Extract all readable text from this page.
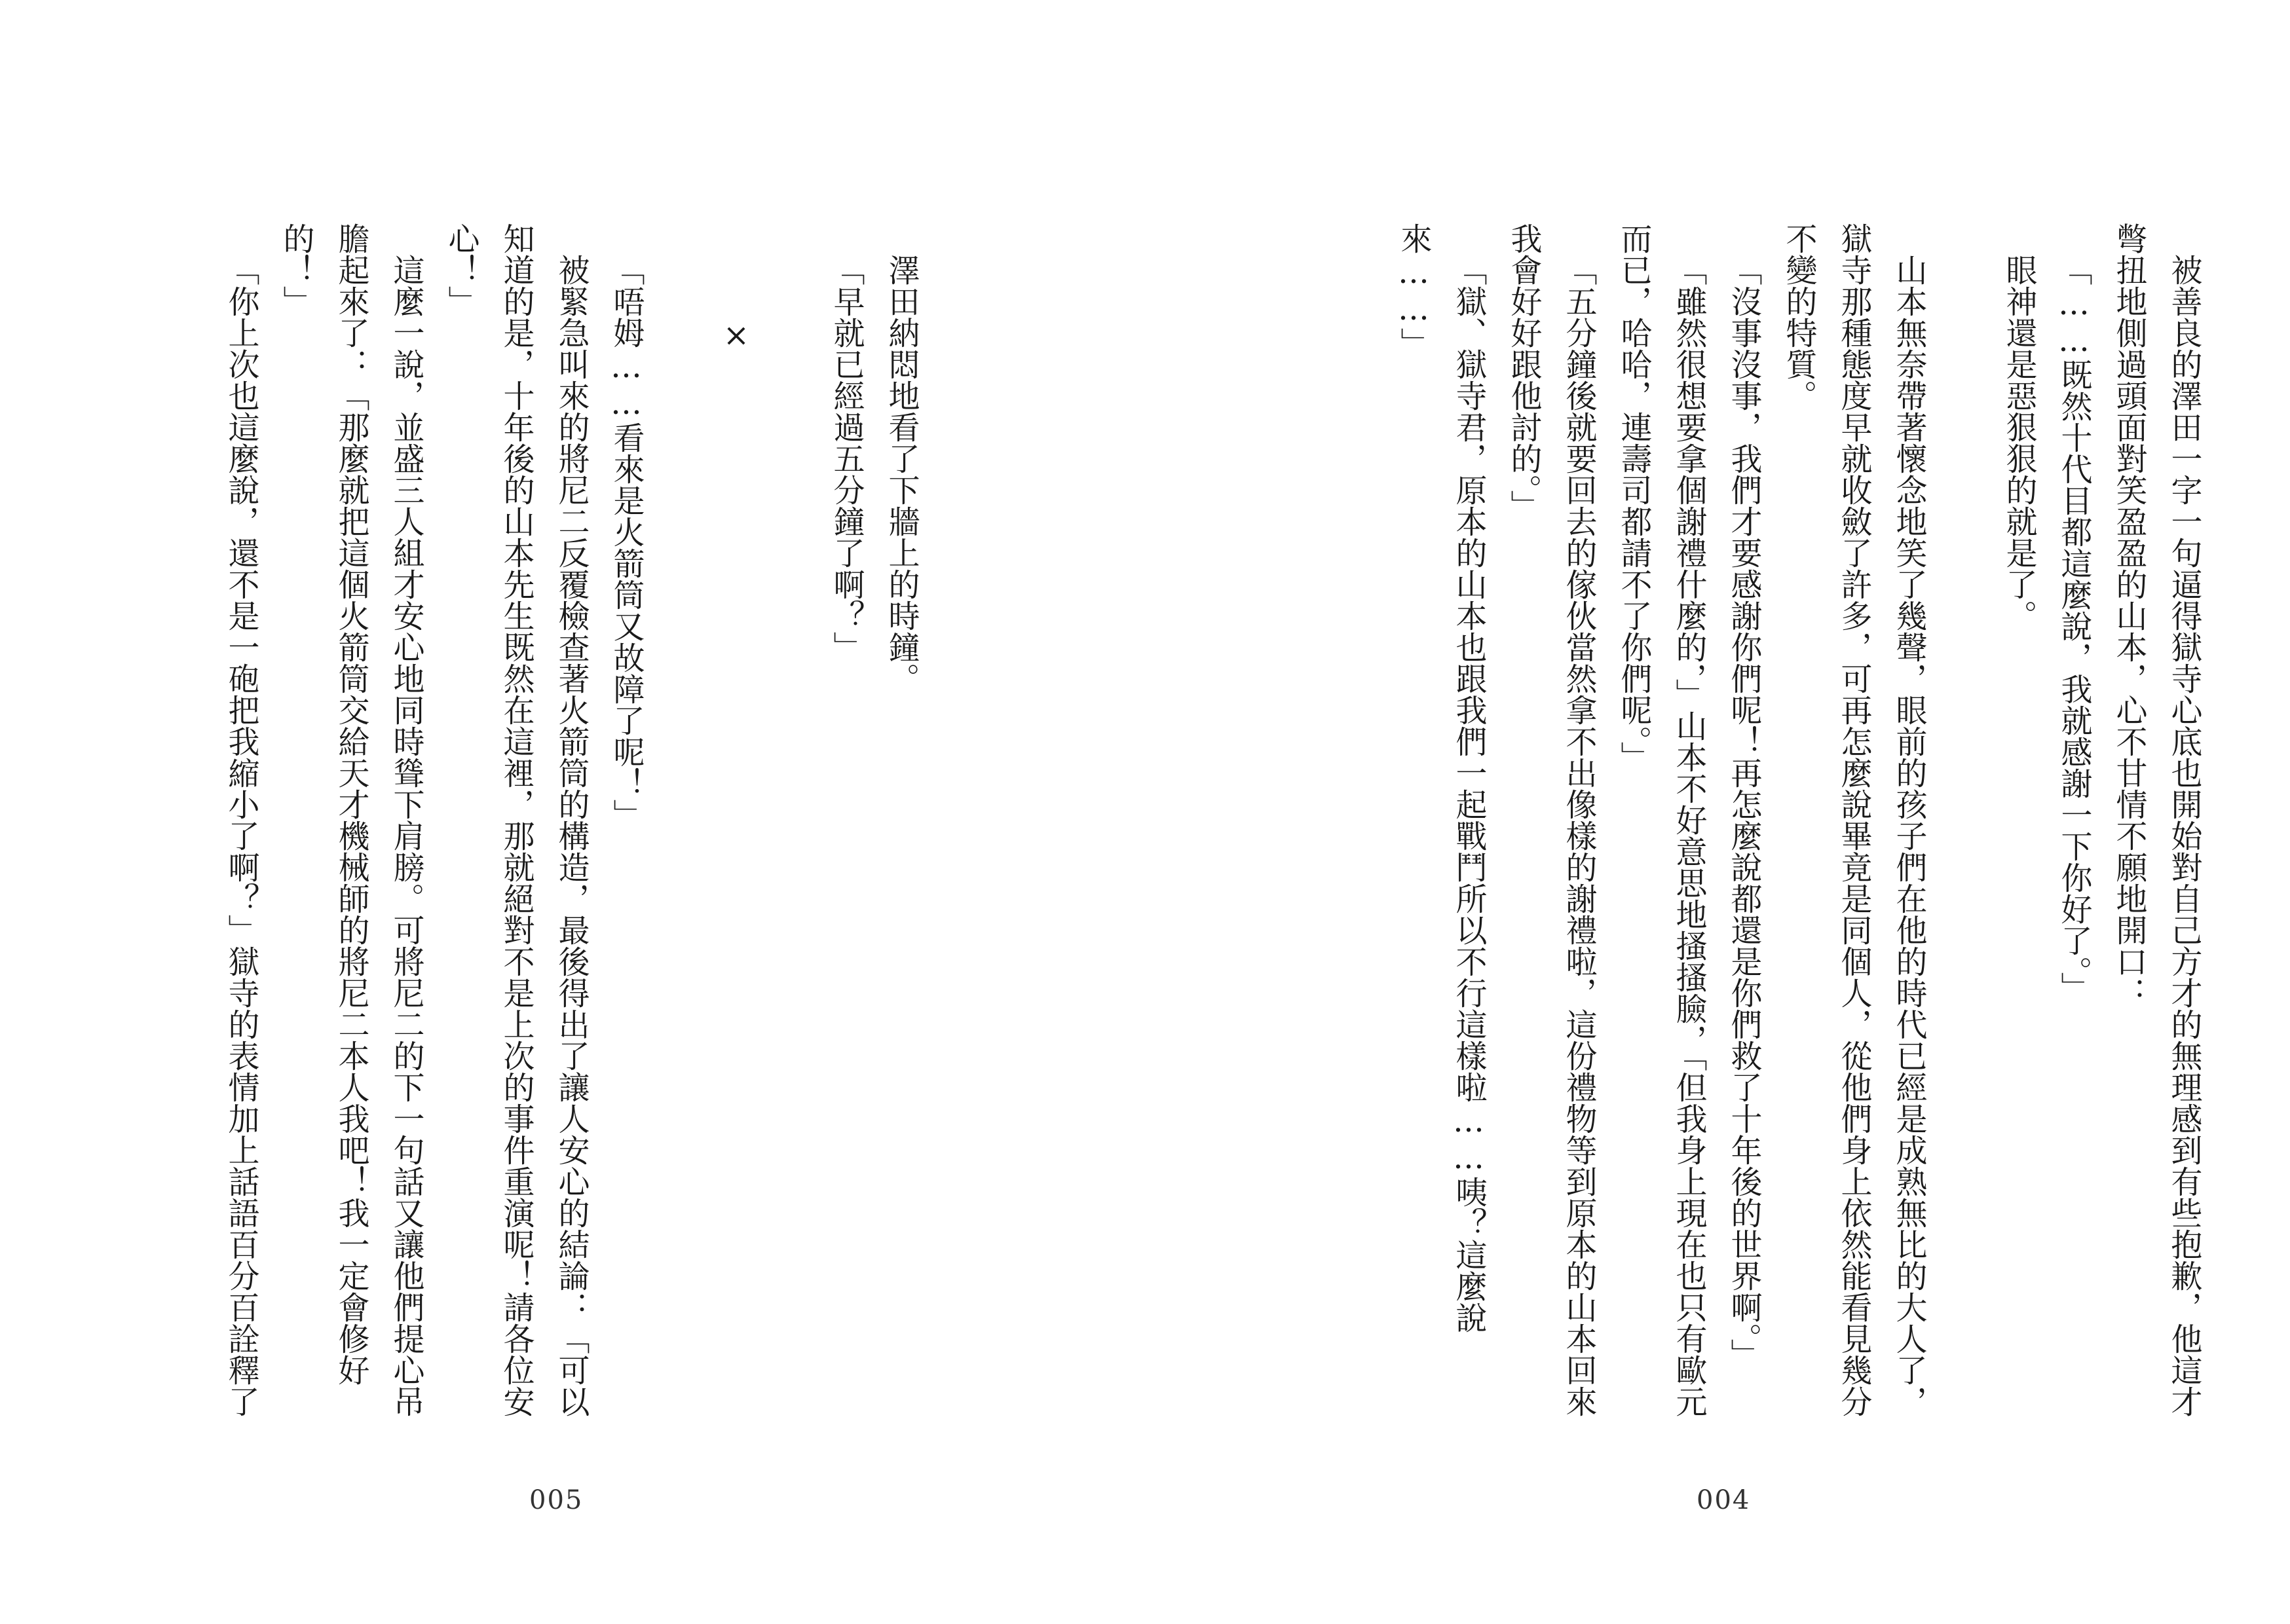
被善良的澤田一字一句逼得獄寺心底也開始對自己方才的無理感到有些抱歉，他這才彆扭地側過頭面對笑盈盈的山本，心不甘情不願地開口：

「……既然十代目都這麼說，我就感謝一下你好了。」

眼神還是惡狠狠的就是了。

山本無奈帶著懷念地笑了幾聲，眼前的孩子們在他的時代已經是成熟無比的大人了，獄寺那種態度早就收斂了許多，可再怎麼說畢竟是同個人，從他們身上依然能看見幾分不變的特質。

「沒事沒事，我們才要感謝你們呢！再怎麼說都還是你們救了十年後的世界啊。」

「雖然很想要拿個謝禮什麼的，」山本不好意思地搔搔臉，「但我身上現在也只有歐元而已，哈哈，連壽司都請不了你們呢。」

「五分鐘後就要回去的傢伙當然拿不出像樣的謝禮啦，這份禮物等到原本的山本回來我會好好跟他討的。」

「獄、獄寺君，原本的山本也跟我們一起戰鬥所以不行這樣啦……咦？這麼說來……」

004

澤田納悶地看了下牆上的時鐘。

「早就已經過五分鐘了啊？」

×

「唔姆……看來是火箭筒又故障了呢！」

被緊急叫來的將尼二反覆檢查著火箭筒的構造，最後得出了讓人安心的結論：「可以知道的是，十年後的山本先生既然在這裡，那就絕對不是上次的事件重演呢！請各位安心！」

這麼一說，並盛三人組才安心地同時聳下肩膀。可將尼二的下一句話又讓他們提心吊膽起來了：「那麼就把這個火箭筒交給天才機械師的將尼二本人我吧！我一定會修好的！」

「你上次也這麼說，還不是一砲把我縮小了啊？」獄寺的表情加上話語百分百詮釋了

005
